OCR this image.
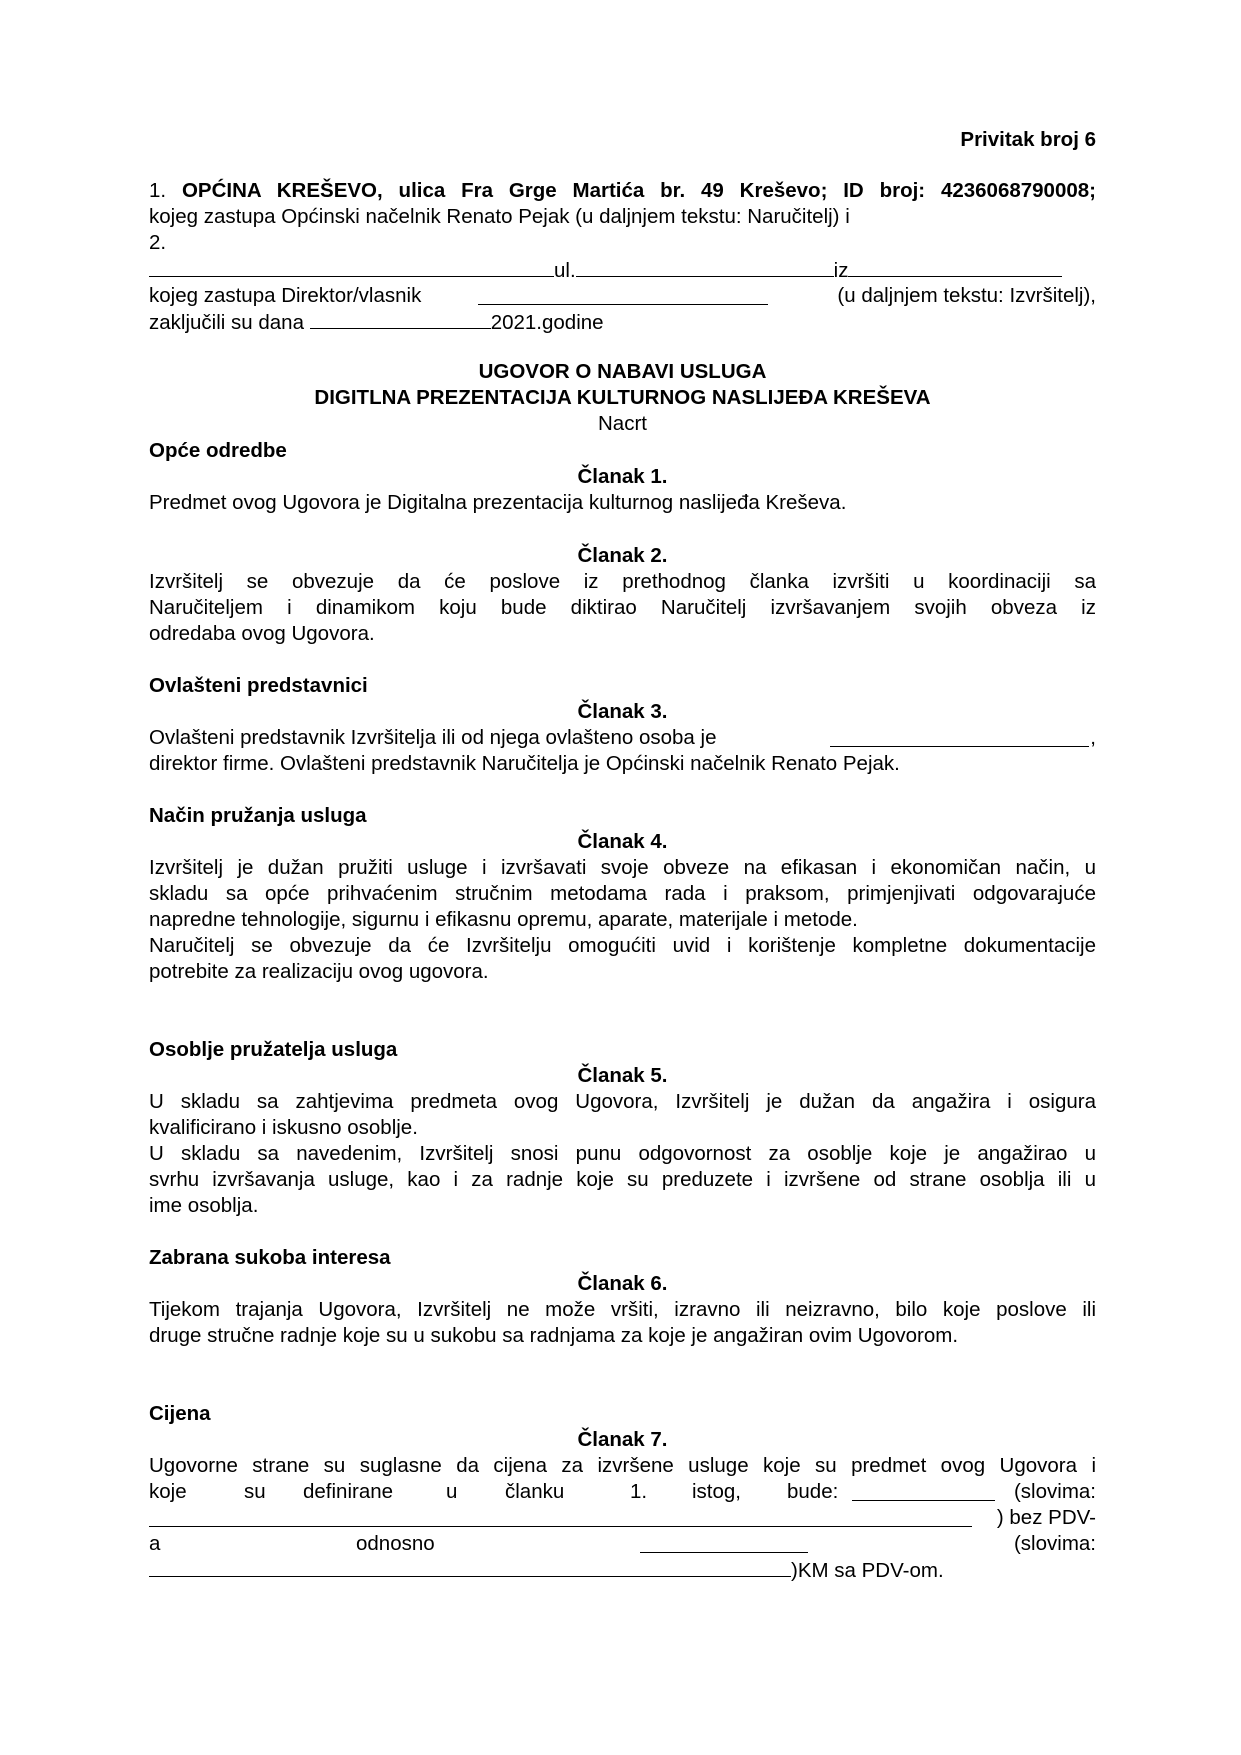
Privitak broj 6
1. OPĆINA KREŠEVO, ulica Fra Grge Martića br. 49 Kreševo; ID broj: 4236068790008;
kojeg zastupa Općinski načelnik Renato Pejak (u daljnjem tekstu: Naručitelj) i
2.
ul.	iz
kojeg zastupa Direktor/vlasnik	(u daljnjem tekstu: Izvršitelj),
zaključili su dana	2021.godine
UGOVOR O NABAVI USLUGA
DIGITLNA PREZENTACIJA KULTURNOG NASLIJEĐA KREŠEVA
Nacrt
Opće odredbe
Članak 1.
Predmet ovog Ugovora je Digitalna prezentacija kulturnog naslijeđa Kreševa.
Članak 2.
Izvršitelj se obvezuje da će poslove iz prethodnog članka izvršiti u koordinaciji sa
Naručiteljem i dinamikom koju bude diktirao Naručitelj izvršavanjem svojih obveza iz
odredaba ovog Ugovora.
Ovlašteni predstavnici
Članak 3.
Ovlašteni predstavnik Izvršitelja ili od njega ovlašteno osoba je	,
direktor firme. Ovlašteni predstavnik Naručitelja je Općinski načelnik Renato Pejak.
Način pružanja usluga
Članak 4.
Izvršitelj je dužan pružiti usluge i izvršavati svoje obveze na efikasan i ekonomičan način, u
skladu sa opće prihvaćenim stručnim metodama rada i praksom, primjenjivati odgovarajuće
napredne tehnologije, sigurnu i efikasnu opremu, aparate, materijale i metode.
Naručitelj se obvezuje da će Izvršitelju omogućiti uvid i korištenje kompletne dokumentacije
potrebite za realizaciju ovog ugovora.
Osoblje pružatelja usluga
Članak 5.
U skladu sa zahtjevima predmeta ovog Ugovora, Izvršitelj je dužan da angažira i osigura
kvalificirano i iskusno osoblje.
U skladu sa navedenim, Izvršitelj snosi punu odgovornost za osoblje koje je angažirao u
svrhu izvršavanja usluge, kao i za radnje koje su preduzete i izvršene od strane osoblja ili u
ime osoblja.
Zabrana sukoba interesa
Članak 6.
Tijekom trajanja Ugovora, Izvršitelj ne može vršiti, izravno ili neizravno, bilo koje poslove ili
druge stručne radnje koje su u sukobu sa radnjama za koje je angažiran ovim Ugovorom.
Cijena
Članak 7.
Ugovorne strane su suglasne da cijena za izvršene usluge koje su predmet ovog Ugovora i
koje	su definirane	u članku	1. istog, bude:	(slovima:
) bez PDV-
a	odnosno	(slovima:
)KM sa PDV-om.
